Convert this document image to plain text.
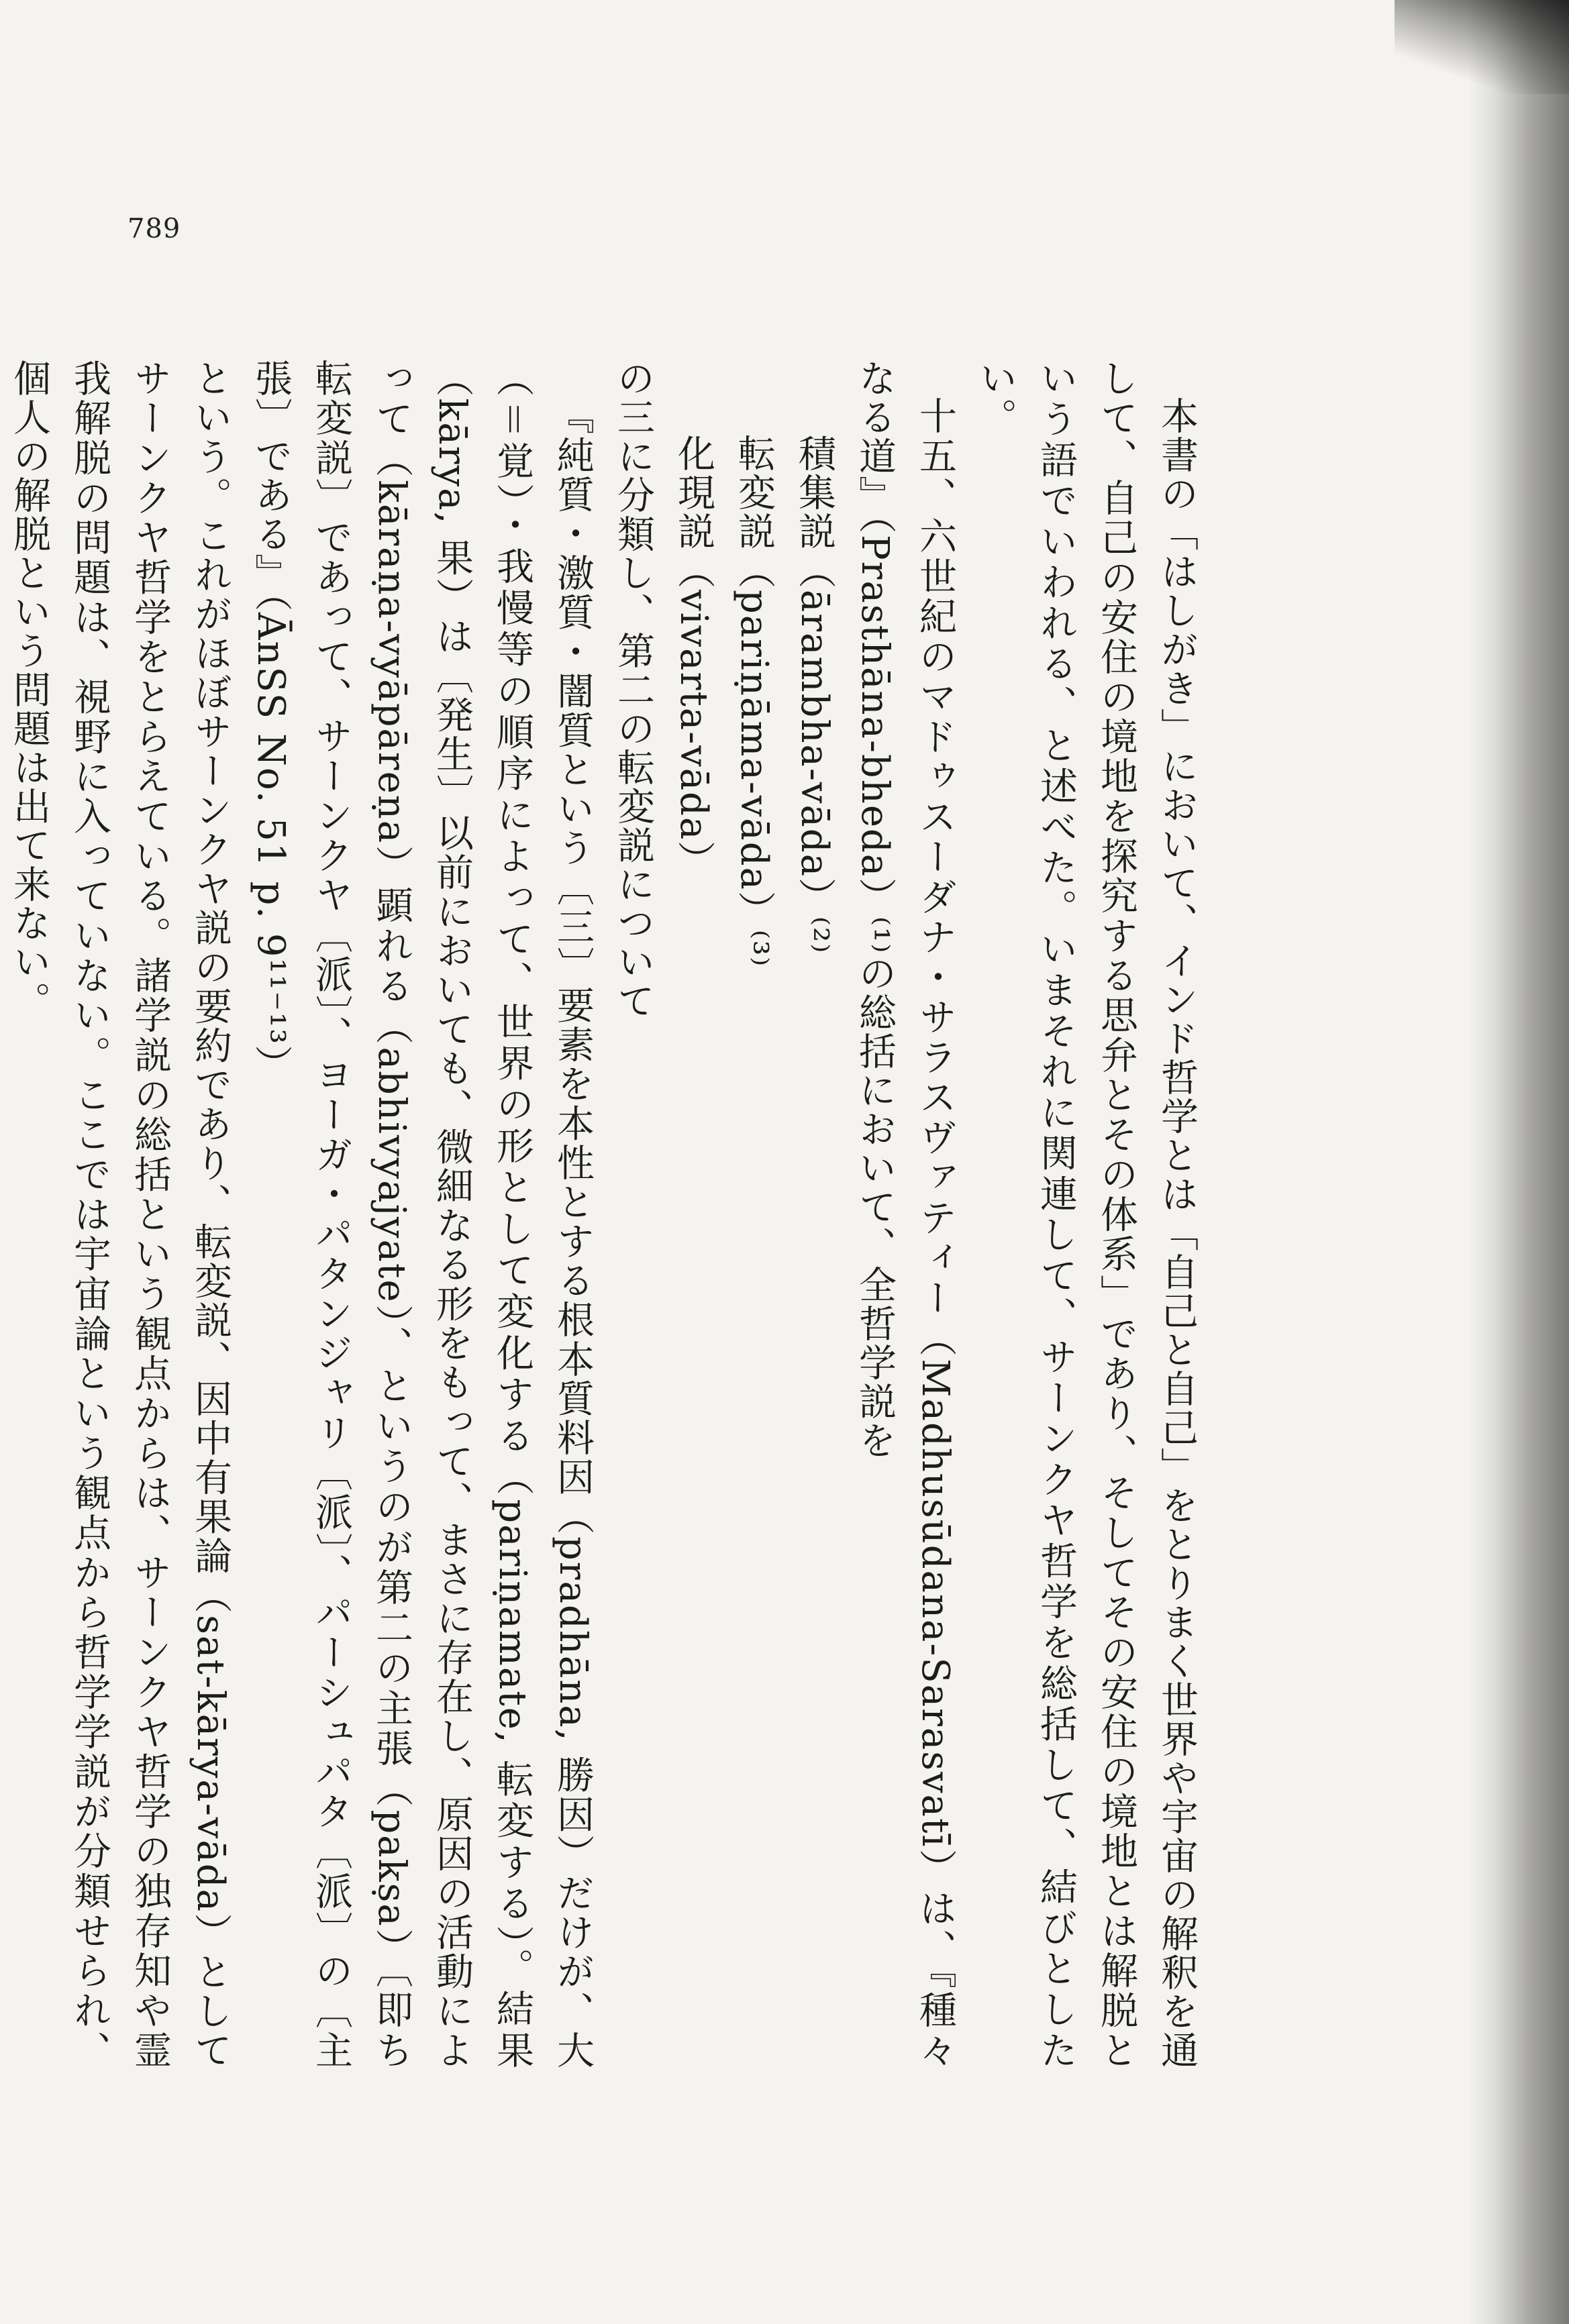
789

本書の「はしがき」において、インド哲学とは「自己と自己」をとりまく世界や宇宙の解釈を通して、自己の安住の境地を探究する思弁とその体系」であり、そしてその安住の境地とは解脱という語でいわれる、と述べた。いまそれに関連して、サーンクヤ哲学を総括して、結びとしたい。

十五、六世紀のマドゥスーダナ・サラスヴァティー（Madhusūdana-Sarasvatī）は、『種々なる道』（Prasthāna-bheda）⁽¹⁾の総括において、全哲学説を

積集説（ārambha-vāda）⁽²⁾

転変説（pariṇāma-vāda）⁽³⁾

化現説（vivarta-vāda）

の三に分類し、第二の転変説について

『純質・激質・闇質という〔三〕要素を本性とする根本質料因（pradhāna, 勝因）だけが、大（＝覚）・我慢等の順序によって、世界の形として変化する（pariṇamate, 転変する）。結果（kārya, 果）は〔発生〕以前においても、微細なる形をもって、まさに存在し、原因の活動によって（kāraṇa-vyāpāreṇa）顕れる（abhivyajyate）、というのが第二の主張（pakṣa）〔即ち転変説〕であって、サーンクヤ〔派〕、ヨーガ・パタンジャリ〔派〕、パーシュパタ〔派〕の〔主張〕である』（ĀnSS No. 51 p. 9¹¹⁻¹³）

という。これがほぼサーンクヤ説の要約であり、転変説、因中有果論（sat-kārya-vāda）としてサーンクヤ哲学をとらえている。諸学説の総括という観点からは、サーンクヤ哲学の独存知や霊我解脱の問題は、視野に入っていない。ここでは宇宙論という観点から哲学学説が分類せられ、個人の解脱という問題は出て来ない。
